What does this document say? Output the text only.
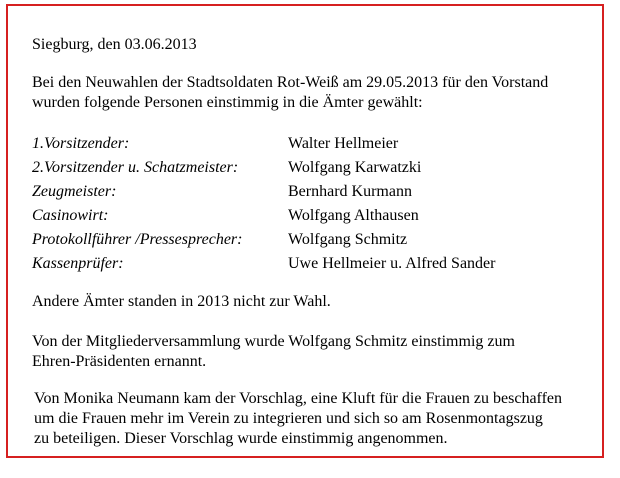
Siegburg, den 03.06.2013
Bei den Neuwahlen der Stadtsoldaten Rot-Weiß am 29.05.2013 für den Vorstand
wurden folgende Personen einstimmig in die Ämter gewählt:
1.Vorsitzender:	Walter Hellmeier
2.Vorsitzender u. Schatzmeister:	Wolfgang Karwatzki
Zeugmeister:	Bernhard Kurmann
Casinowirt:	Wolfgang Althausen
Protokollführer /Pressesprecher:	Wolfgang Schmitz
Kassenprüfer:	Uwe Hellmeier u. Alfred Sander
Andere Ämter standen in 2013 nicht zur Wahl.
Von der Mitgliederversammlung wurde Wolfgang Schmitz einstimmig zum
Ehren-Präsidenten ernannt.
Von Monika Neumann kam der Vorschlag, eine Kluft für die Frauen zu beschaffen
um die Frauen mehr im Verein zu integrieren und sich so am Rosenmontagszug
zu beteiligen. Dieser Vorschlag wurde einstimmig angenommen.
